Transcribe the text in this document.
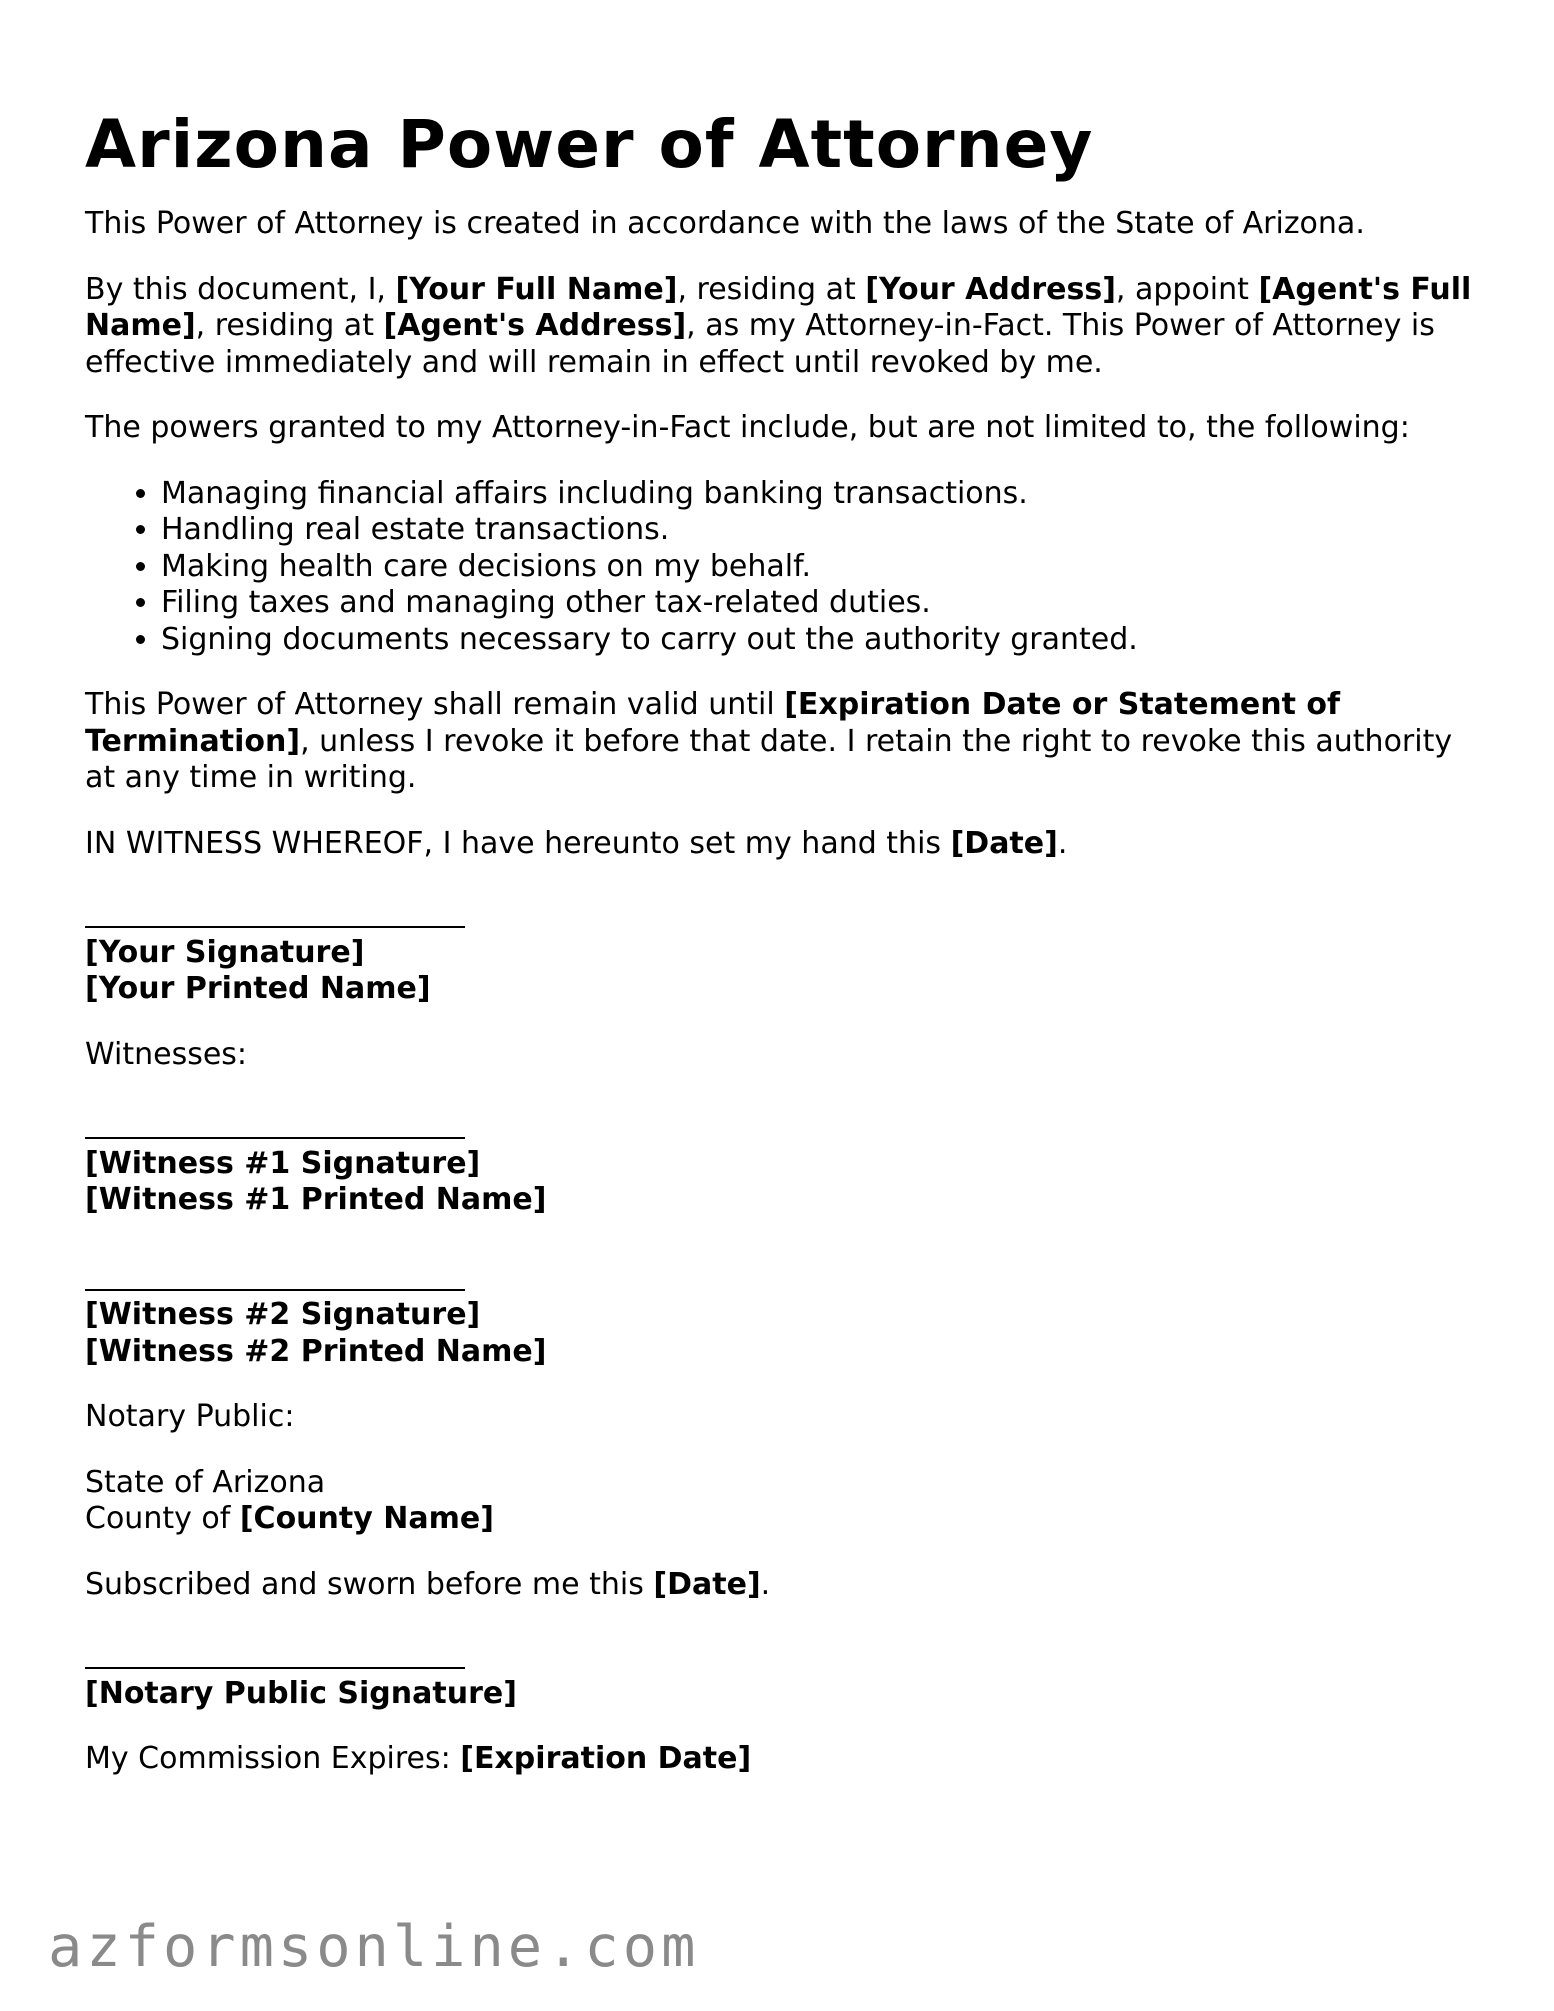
Arizona Power of Attorney

This Power of Attorney is created in accordance with the laws of the State of Arizona.

By this document, I, [Your Full Name], residing at [Your Address], appoint [Agent's Full Name], residing at [Agent's Address], as my Attorney-in-Fact. This Power of Attorney is effective immediately and will remain in effect until revoked by me.

The powers granted to my Attorney-in-Fact include, but are not limited to, the following:

• Managing financial affairs including banking transactions.
• Handling real estate transactions.
• Making health care decisions on my behalf.
• Filing taxes and managing other tax-related duties.
• Signing documents necessary to carry out the authority granted.

This Power of Attorney shall remain valid until [Expiration Date or Statement of Termination], unless I revoke it before that date. I retain the right to revoke this authority at any time in writing.

IN WITNESS WHEREOF, I have hereunto set my hand this [Date].

[Your Signature]
[Your Printed Name]

Witnesses:

[Witness #1 Signature]
[Witness #1 Printed Name]
[Witness #2 Signature]
[Witness #2 Printed Name]

Notary Public:

State of Arizona
County of [County Name]

Subscribed and sworn before me this [Date].

[Notary Public Signature]

My Commission Expires: [Expiration Date]

azformsonline.com
